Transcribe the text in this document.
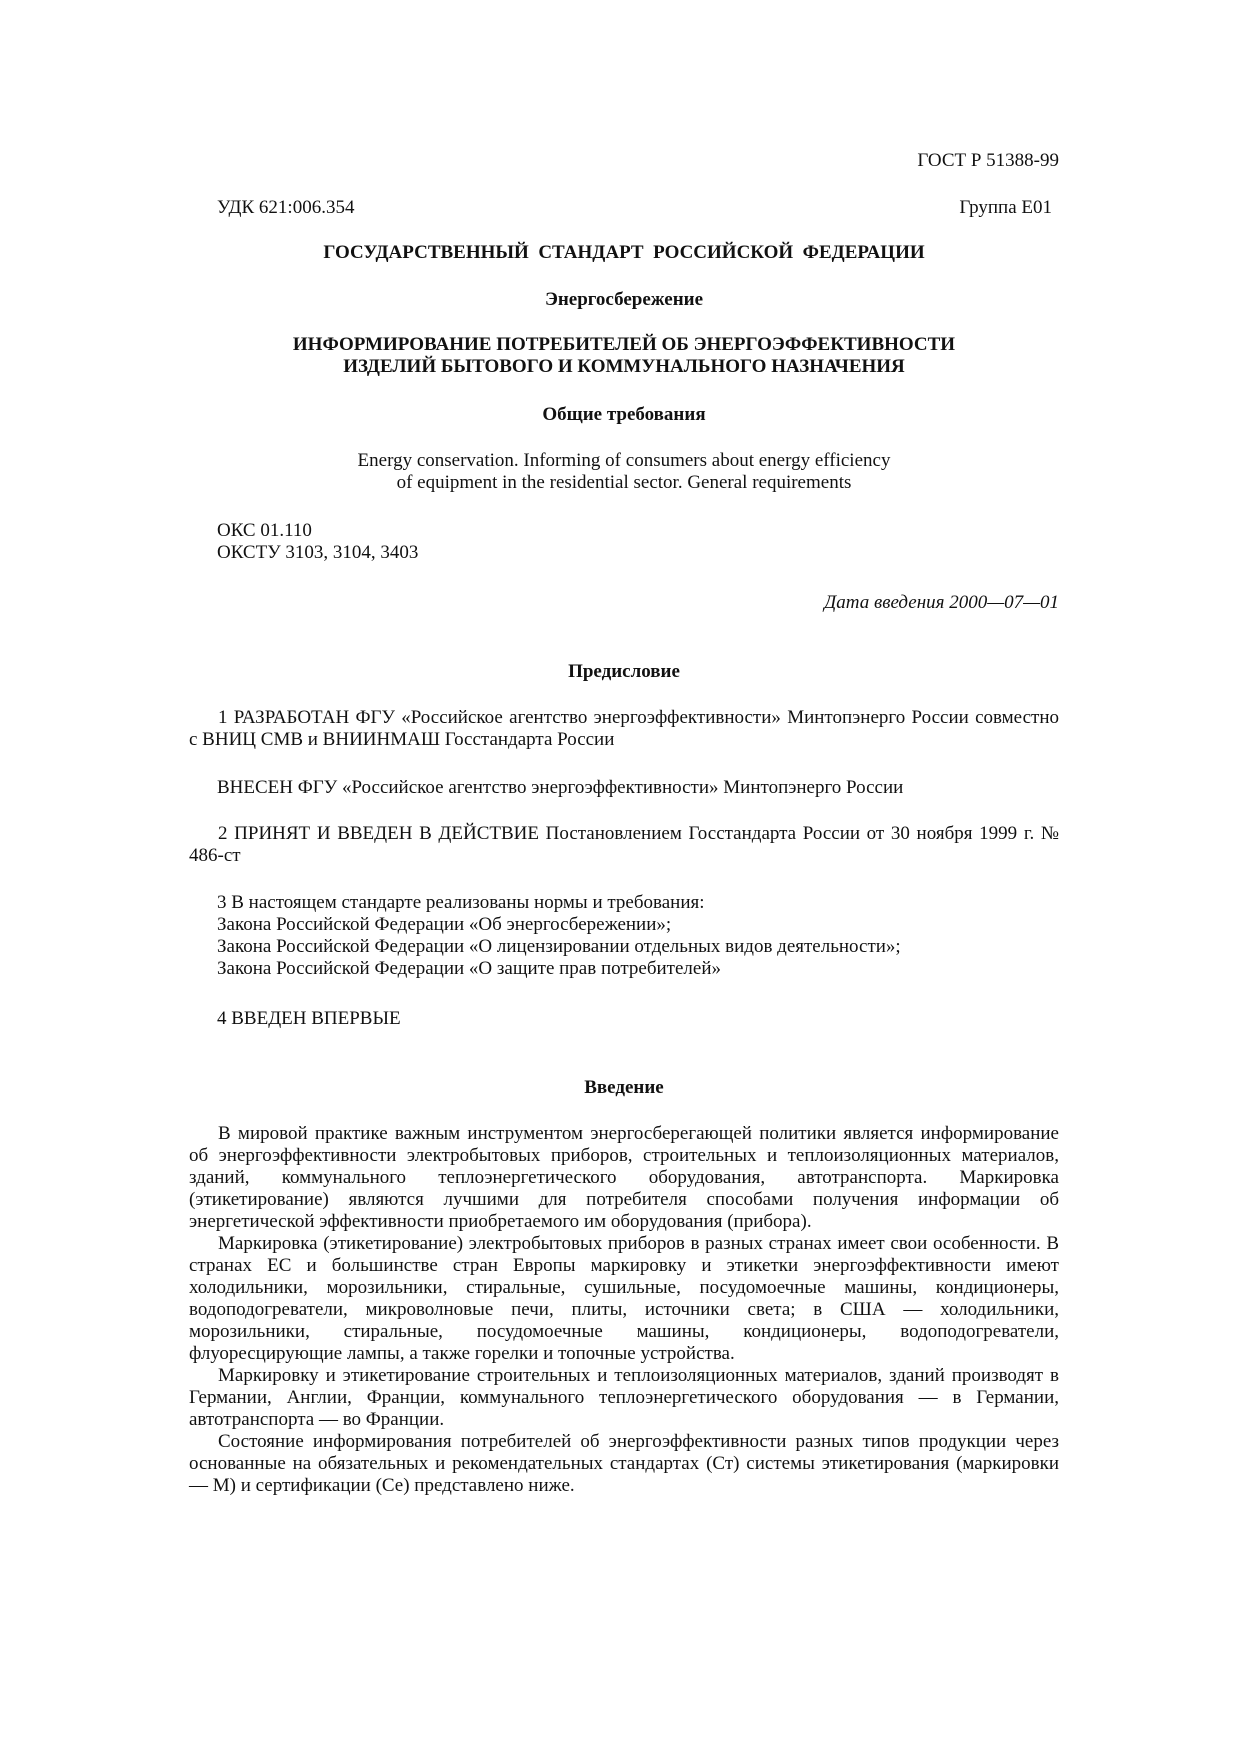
ГОСТ Р 51388-99
УДК 621:006.354	Группа Е01
ГОСУДАРСТВЕННЫЙ  СТАНДАРТ  РОССИЙСКОЙ  ФЕДЕРАЦИИ
Энергосбережение
ИНФОРМИРОВАНИЕ ПОТРЕБИТЕЛЕЙ ОБ ЭНЕРГОЭФФЕКТИВНОСТИ
ИЗДЕЛИЙ БЫТОВОГО И КОММУНАЛЬНОГО НАЗНАЧЕНИЯ
Общие требования
Energy conservation. Informing of consumers about energy efficiency
of equipment in the residential sector. General requirements
ОКС 01.110
ОКСТУ 3103, 3104, 3403
Дата введения 2000—07—01
Предисловие

1 РАЗРАБОТАН ФГУ «Российское агентство энергоэффективности» Минтопэнерго России совместно с ВНИЦ СМВ и ВНИИНМАШ Госстандарта России

ВНЕСЕН ФГУ «Российское агентство энергоэффективности» Минтопэнерго России

2 ПРИНЯТ И ВВЕДЕН В ДЕЙСТВИЕ Постановлением Госстандарта России от 30 ноября 1999 г. № 486-ст

3 В настоящем стандарте реализованы нормы и требования:
Закона Российской Федерации «Об энергосбережении»;
Закона Российской Федерации «О лицензировании отдельных видов деятельности»;
Закона Российской Федерации «О защите прав потребителей»
4 ВВЕДЕН ВПЕРВЫЕ
Введение

В мировой практике важным инструментом энергосберегающей политики является информирование об энергоэффективности электробытовых приборов, строительных и теплоизоляционных материалов, зданий, коммунального теплоэнергетического оборудования, автотранспорта. Маркировка (этикетирование) являются лучшими для потребителя способами получения информации об энергетической эффективности приобретаемого им оборудования (прибора).

Маркировка (этикетирование) электробытовых приборов в разных странах имеет свои особенности. В странах ЕС и большинстве стран Европы маркировку и этикетки энергоэффективности имеют холодильники, морозильники, стиральные, сушильные, посудомоечные машины, кондиционеры, водоподогреватели, микроволновые печи, плиты, источники света; в США — холодильники, морозильники, стиральные, посудомоечные машины, кондиционеры, водоподогреватели, флуоресцирующие лампы, а также горелки и топочные устройства.

Маркировку и этикетирование строительных и теплоизоляционных материалов, зданий производят в Германии, Англии, Франции, коммунального теплоэнергетического оборудования — в Германии, автотранспорта — во Франции.

Состояние информирования потребителей об энергоэффективности разных типов продукции через основанные на обязательных и рекомендательных стандартах (Ст) системы этикетирования (маркировки — М) и сертификации (Се) представлено ниже.
